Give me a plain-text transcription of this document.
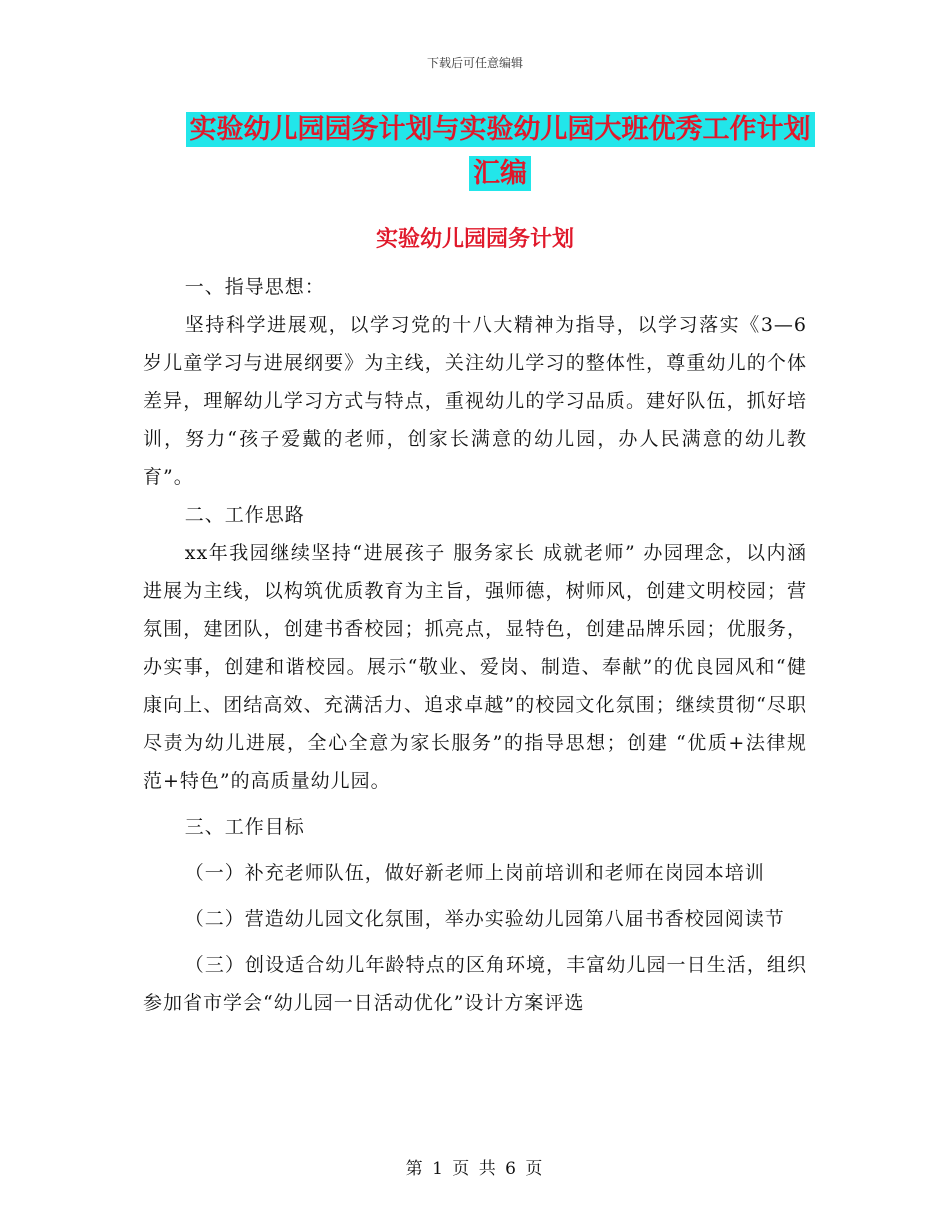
下载后可任意编辑
实验幼儿园园务计划与实验幼儿园大班优秀工作计划
汇编
实验幼儿园园务计划

一、指导思想：

坚持科学进展观，以学习党的十八大精神为指导，以学习落实《3—6岁儿童学习与进展纲要》为主线，关注幼儿学习的整体性，尊重幼儿的个体差异，理解幼儿学习方式与特点，重视幼儿的学习品质。建好队伍，抓好培训，努力“孩子爱戴的老师，创家长满意的幼儿园，办人民满意的幼儿教育”。

二、工作思路

xx年我园继续坚持“进展孩子 服务家长 成就老师” 办园理念，以内涵进展为主线，以构筑优质教育为主旨，强师德，树师风，创建文明校园；营氛围，建团队，创建书香校园；抓亮点，显特色，创建品牌乐园；优服务，办实事，创建和谐校园。展示“敬业、爱岗、制造、奉献”的优良园风和“健康向上、团结高效、充满活力、追求卓越”的校园文化氛围；继续贯彻“尽职尽责为幼儿进展，全心全意为家长服务”的指导思想；创建 “优质+法律规范+特色”的高质量幼儿园。

三、工作目标

（一）补充老师队伍，做好新老师上岗前培训和老师在岗园本培训

（二）营造幼儿园文化氛围，举办实验幼儿园第八届书香校园阅读节

（三）创设适合幼儿年龄特点的区角环境，丰富幼儿园一日生活，组织参加省市学会“幼儿园一日活动优化”设计方案评选

第 1 页 共 6 页
